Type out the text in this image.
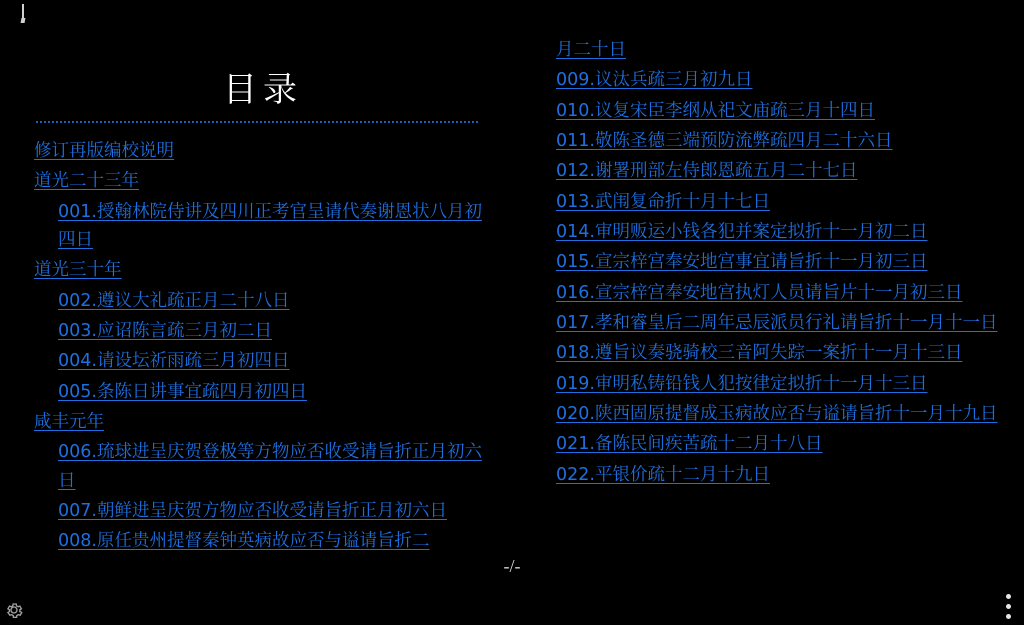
目录
修订再版编校说明
道光二十三年
001.授翰林院侍讲及四川正考官呈请代奏谢恩状八月初四日
道光三十年
002.遵议大礼疏正月二十八日
003.应诏陈言疏三月初二日
004.请设坛祈雨疏三月初四日
005.条陈日讲事宜疏四月初四日
咸丰元年
006.琉球进呈庆贺登极等方物应否收受请旨折正月初六日
007.朝鲜进呈庆贺方物应否收受请旨折正月初六日
008.原任贵州提督秦钟英病故应否与谥请旨折二
月二十日
009.议汰兵疏三月初九日
010.议复宋臣李纲从祀文庙疏三月十四日
011.敬陈圣德三端预防流弊疏四月二十六日
012.谢署刑部左侍郎恩疏五月二十七日
013.武闱复命折十月十七日
014.审明贩运小钱各犯并案定拟折十一月初二日
015.宣宗梓宫奉安地宫事宜请旨折十一月初三日
016.宣宗梓宫奉安地宫执灯人员请旨片十一月初三日
017.孝和睿皇后二周年忌辰派员行礼请旨折十一月十一日
018.遵旨议奏骁骑校三音阿失踪一案折十一月十三日
019.审明私铸铅钱人犯按律定拟折十一月十三日
020.陕西固原提督成玉病故应否与谥请旨折十一月十九日
021.备陈民间疾苦疏十二月十八日
022.平银价疏十二月十九日
-/-
